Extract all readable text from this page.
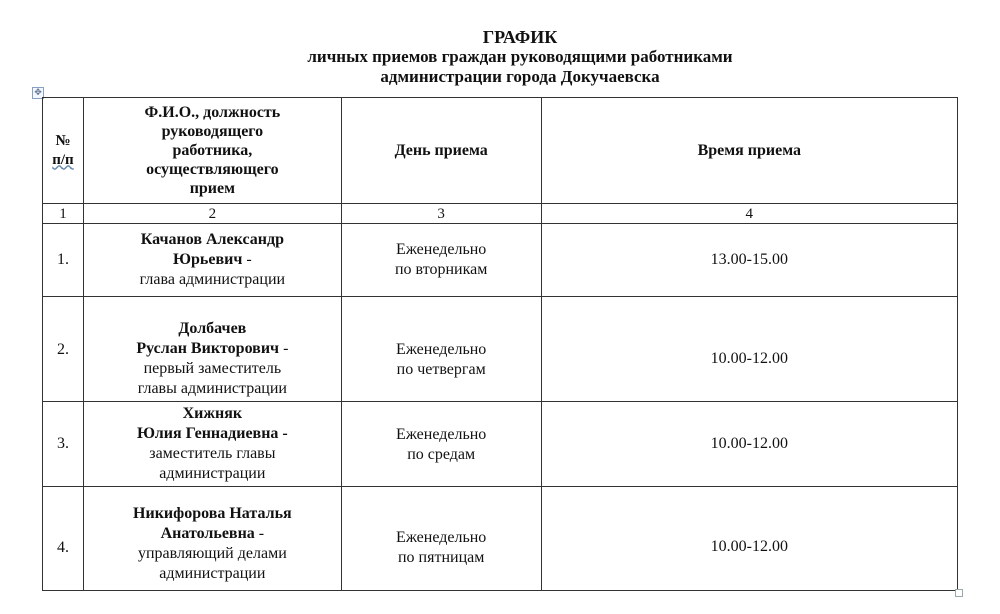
ГРАФИК
личных приемов граждан руководящими работниками
администрации города Докучаевска
✥
№
п/п	Ф.И.О., должность
руководящего
работника,
осуществляющего
прием	День приема	Время приема
1	2	3	4
1.	Качанов Александр
Юрьевич -
глава администрации	Еженедельно
по вторникам	13.00-15.00
2.	Долбачев
Руслан Викторович -
первый заместитель
главы администрации	Еженедельно
по четвергам	10.00-12.00
3.	Хижняк
Юлия Геннадиевна -
заместитель главы
администрации	Еженедельно
по средам	10.00-12.00
4.	Никифорова Наталья
Анатольевна -
управляющий делами
администрации	Еженедельно
по пятницам	10.00-12.00
